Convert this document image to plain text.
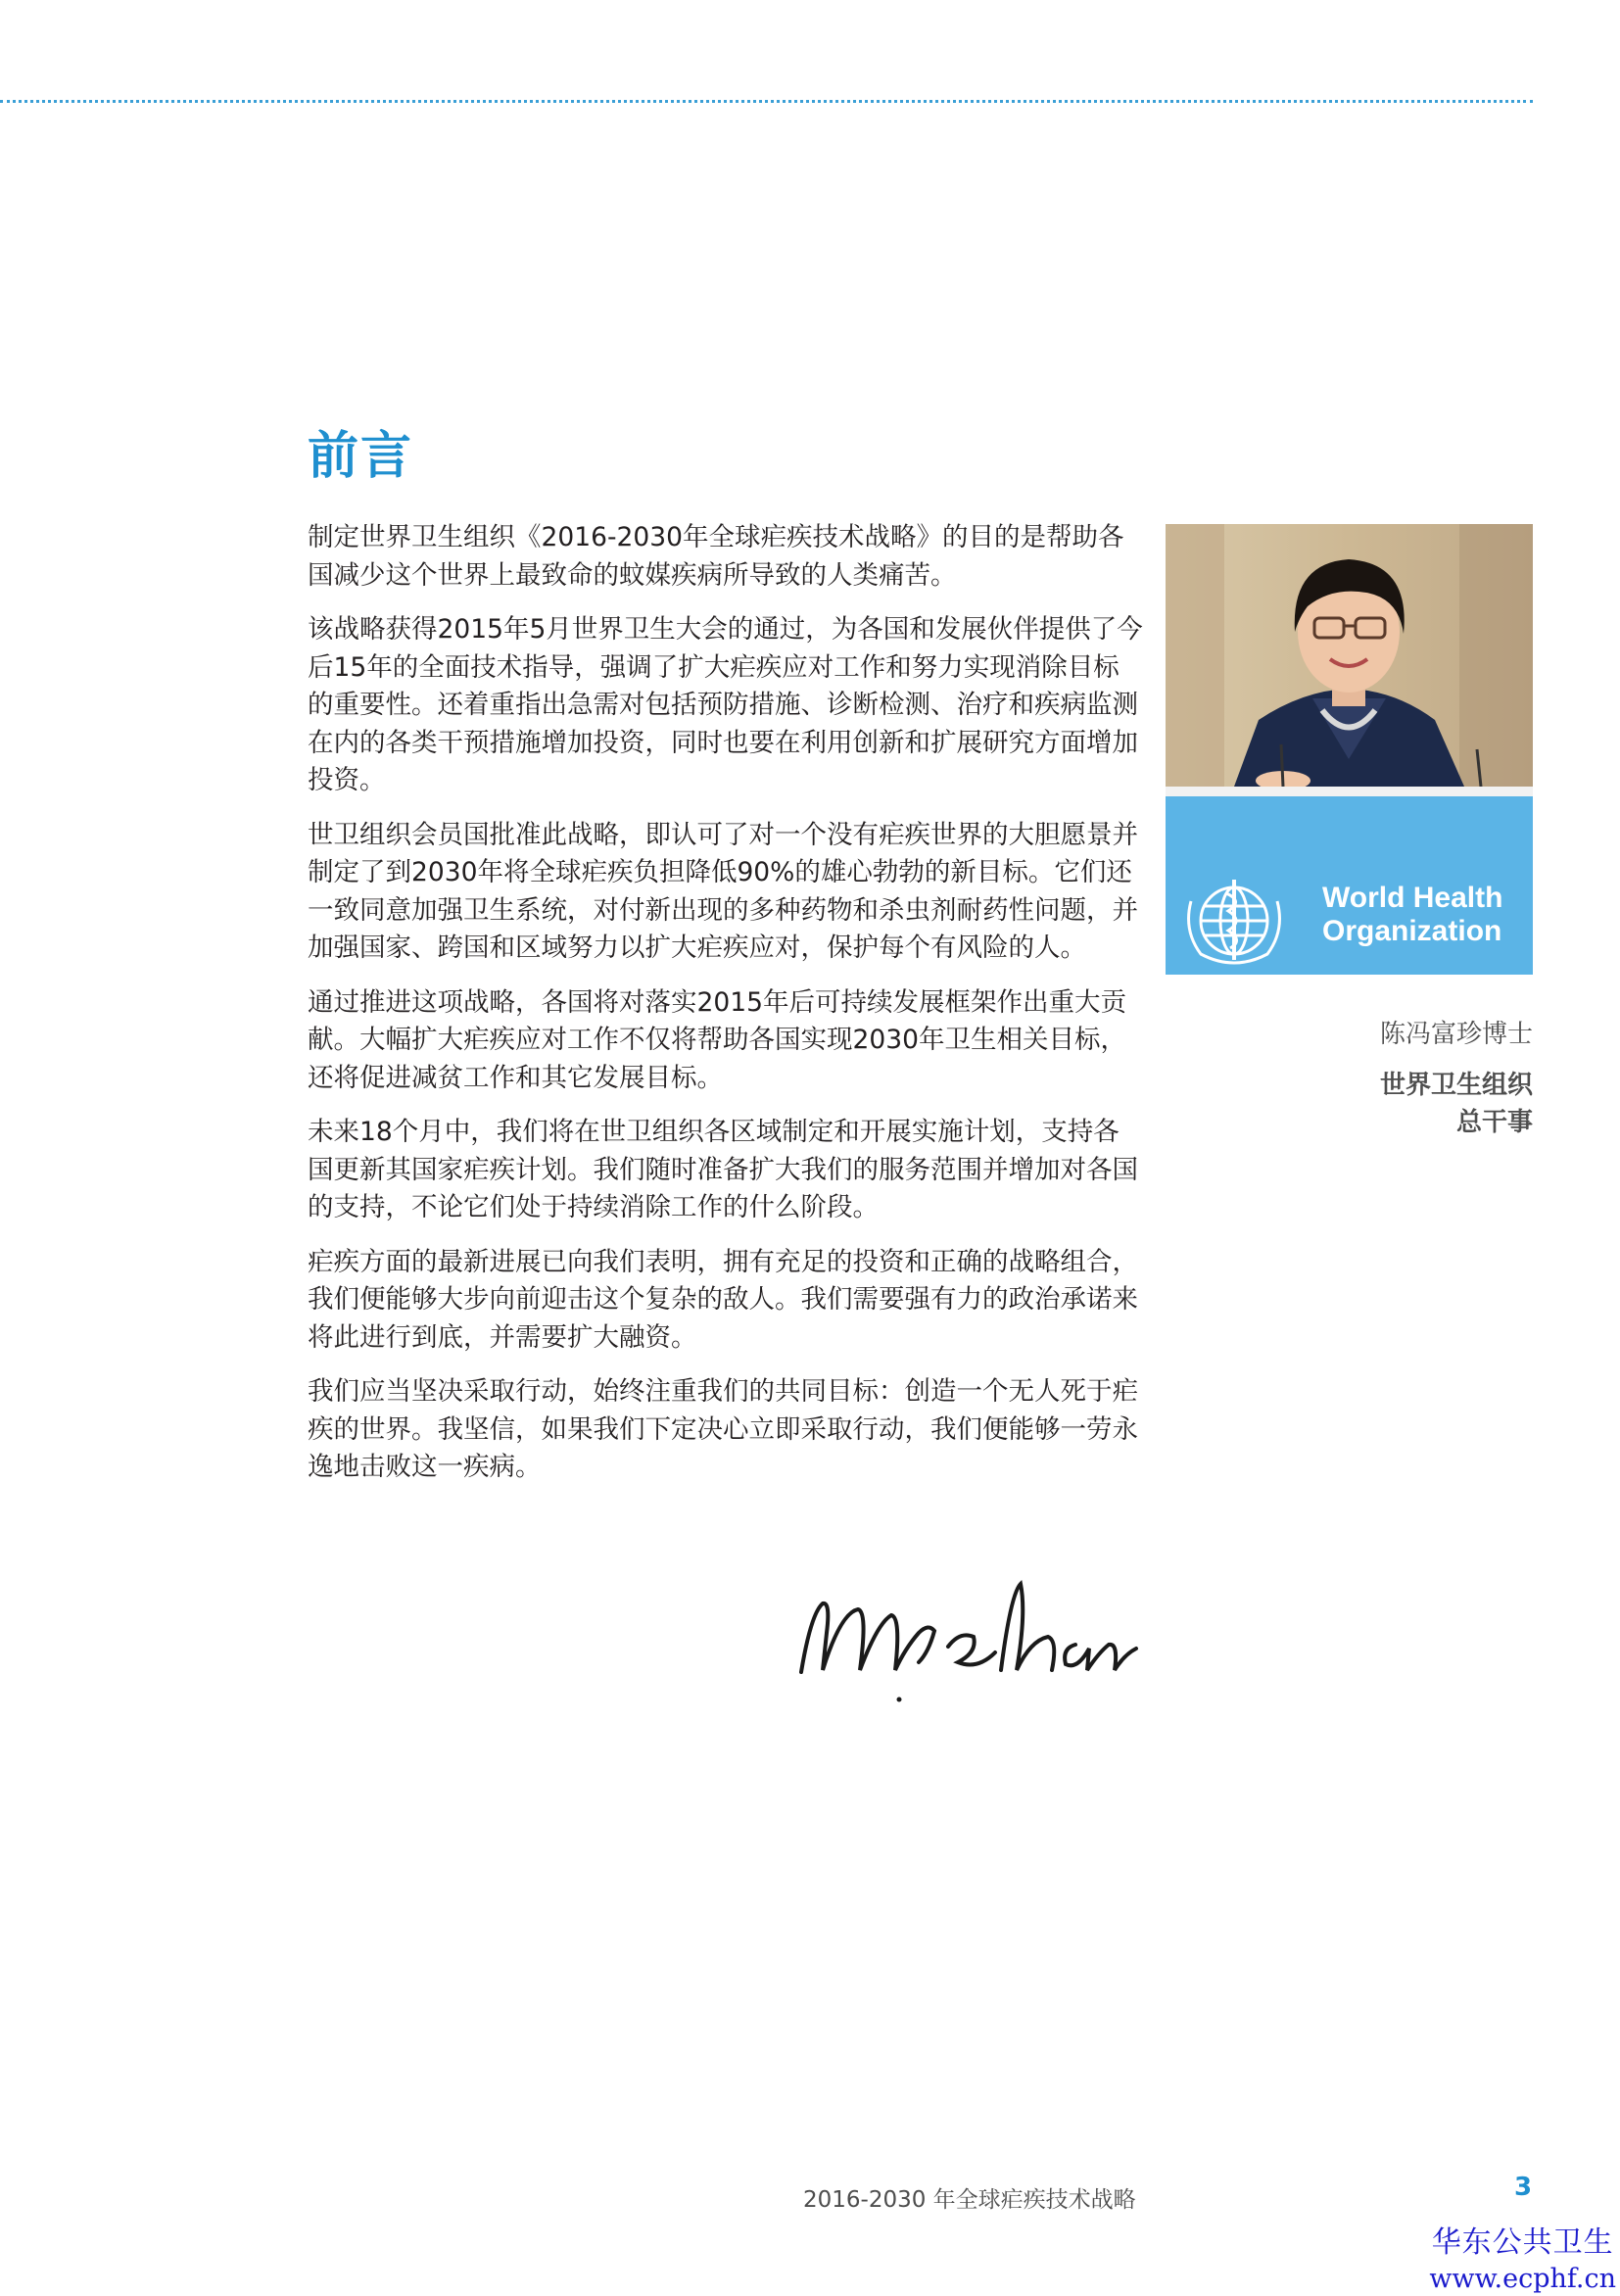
前言

制定世界卫生组织《2016-2030年全球疟疾技术战略》的目的是帮助各国减少这个世界上最致命的蚊媒疾病所导致的人类痛苦。

该战略获得2015年5月世界卫生大会的通过，为各国和发展伙伴提供了今后15年的全面技术指导，强调了扩大疟疾应对工作和努力实现消除目标的重要性。还着重指出急需对包括预防措施、诊断检测、治疗和疾病监测在内的各类干预措施增加投资，同时也要在利用创新和扩展研究方面增加投资。

世卫组织会员国批准此战略，即认可了对一个没有疟疾世界的大胆愿景并制定了到2030年将全球疟疾负担降低90%的雄心勃勃的新目标。它们还一致同意加强卫生系统，对付新出现的多种药物和杀虫剂耐药性问题，并加强国家、跨国和区域努力以扩大疟疾应对，保护每个有风险的人。

通过推进这项战略，各国将对落实2015年后可持续发展框架作出重大贡献。大幅扩大疟疾应对工作不仅将帮助各国实现2030年卫生相关目标，还将促进减贫工作和其它发展目标。

未来18个月中，我们将在世卫组织各区域制定和开展实施计划，支持各国更新其国家疟疾计划。我们随时准备扩大我们的服务范围并增加对各国的支持，不论它们处于持续消除工作的什么阶段。

疟疾方面的最新进展已向我们表明，拥有充足的投资和正确的战略组合，我们便能够大步向前迎击这个复杂的敌人。我们需要强有力的政治承诺来将此进行到底，并需要扩大融资。

我们应当坚决采取行动，始终注重我们的共同目标：创造一个无人死于疟疾的世界。我坚信，如果我们下定决心立即采取行动，我们便能够一劳永逸地击败这一疾病。

World Health
Organization
陈冯富珍博士
世界卫生组织
总干事
2016-2030 年全球疟疾技术战略	3
华东公共卫生
www.ecphf.cn
